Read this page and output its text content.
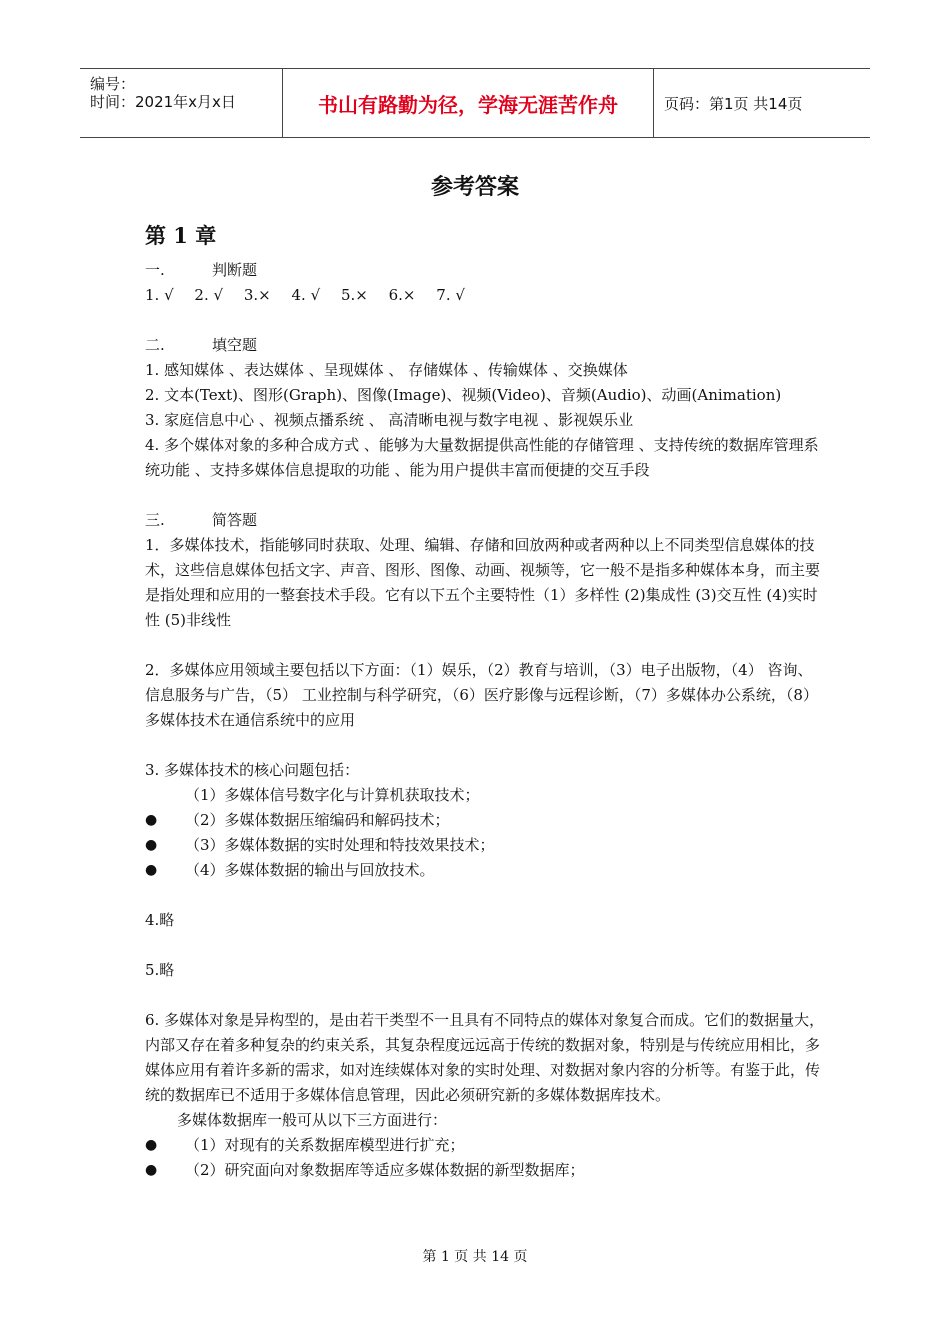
编号：
时间：2021年x月x日	书山有路勤为径，学海无涯苦作舟	页码：第1页 共14页
参考答案
第 1 章
一.	判断题
1. √ 2. √ 3.× 4. √ 5.× 6.× 7. √
二.	填空题
1. 感知媒体 、表达媒体 、呈现媒体 、 存储媒体 、传输媒体 、交换媒体
2. 文本(Text)、图形(Graph)、图像(Image)、视频(Video)、音频(Audio)、动画(Animation)
3. 家庭信息中心 、视频点播系统 、 高清晰电视与数字电视 、影视娱乐业
4. 多个媒体对象的多种合成方式 、能够为大量数据提供高性能的存储管理 、支持传统的数据库管理系统功能 、支持多媒体信息提取的功能 、能为用户提供丰富而便捷的交互手段
三.	简答题
1．多媒体技术，指能够同时获取、处理、编辑、存储和回放两种或者两种以上不同类型信息媒体的技术，这些信息媒体包括文字、声音、图形、图像、动画、视频等，它一般不是指多种媒体本身，而主要是指处理和应用的一整套技术手段。它有以下五个主要特性（1）多样性 (2)集成性 (3)交互性 (4)实时性 (5)非线性
2．多媒体应用领域主要包括以下方面：（1）娱乐，（2）教育与培训，（3）电子出版物，（4） 咨询、信息服务与广告，（5） 工业控制与科学研究，（6）医疗影像与远程诊断，（7）多媒体办公系统，（8）多媒体技术在通信系统中的应用
3. 多媒体技术的核心问题包括：
（1）多媒体信号数字化与计算机获取技术；
●	（2）多媒体数据压缩编码和解码技术；
●	（3）多媒体数据的实时处理和特技效果技术；
●	（4）多媒体数据的输出与回放技术。
4.略
5.略
6. 多媒体对象是异构型的，是由若干类型不一且具有不同特点的媒体对象复合而成。它们的数据量大，内部又存在着多种复杂的约束关系，其复杂程度远远高于传统的数据对象，特别是与传统应用相比，多媒体应用有着许多新的需求，如对连续媒体对象的实时处理、对数据对象内容的分析等。有鉴于此，传统的数据库已不适用于多媒体信息管理，因此必须研究新的多媒体数据库技术。
多媒体数据库一般可从以下三方面进行：
●	（1）对现有的关系数据库模型进行扩充；
●	（2）研究面向对象数据库等适应多媒体数据的新型数据库；
第 1 页 共 14 页
